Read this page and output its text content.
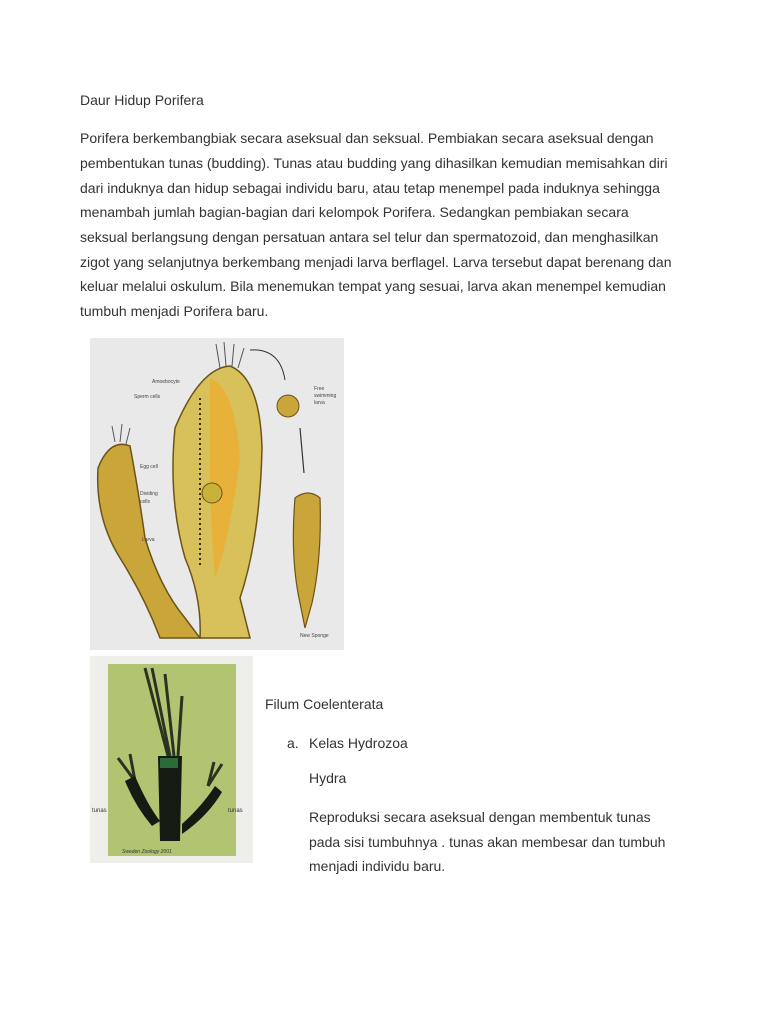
Daur Hidup Porifera
Porifera berkembangbiak secara aseksual dan seksual. Pembiakan secara aseksual dengan
pembentukan tunas (budding). Tunas atau budding yang dihasilkan kemudian memisahkan diri
dari induknya dan hidup sebagai individu baru, atau tetap menempel pada induknya sehingga
menambah jumlah bagian-bagian dari kelompok Porifera. Sedangkan pembiakan secara
seksual berlangsung dengan persatuan antara sel telur dan spermatozoid, dan menghasilkan
zigot yang selanjutnya berkembang menjadi larva berflagel. Larva tersebut dapat berenang dan
keluar melalui oskulum. Bila menemukan tempat yang sesuai, larva akan menempel kemudian
tumbuh menjadi Porifera baru.
Amoebocyte
Sperm cells
Egg cell
Dividing
cells
Larva
Free
swimming
larva
New Sponge
tunas	tunas
Sweden Zoology 2001
Filum Coelenterata
a. Kelas Hydrozoa
Hydra
Reproduksi secara aseksual dengan membentuk tunas
pada sisi tumbuhnya . tunas akan membesar dan tumbuh
menjadi individu baru.
